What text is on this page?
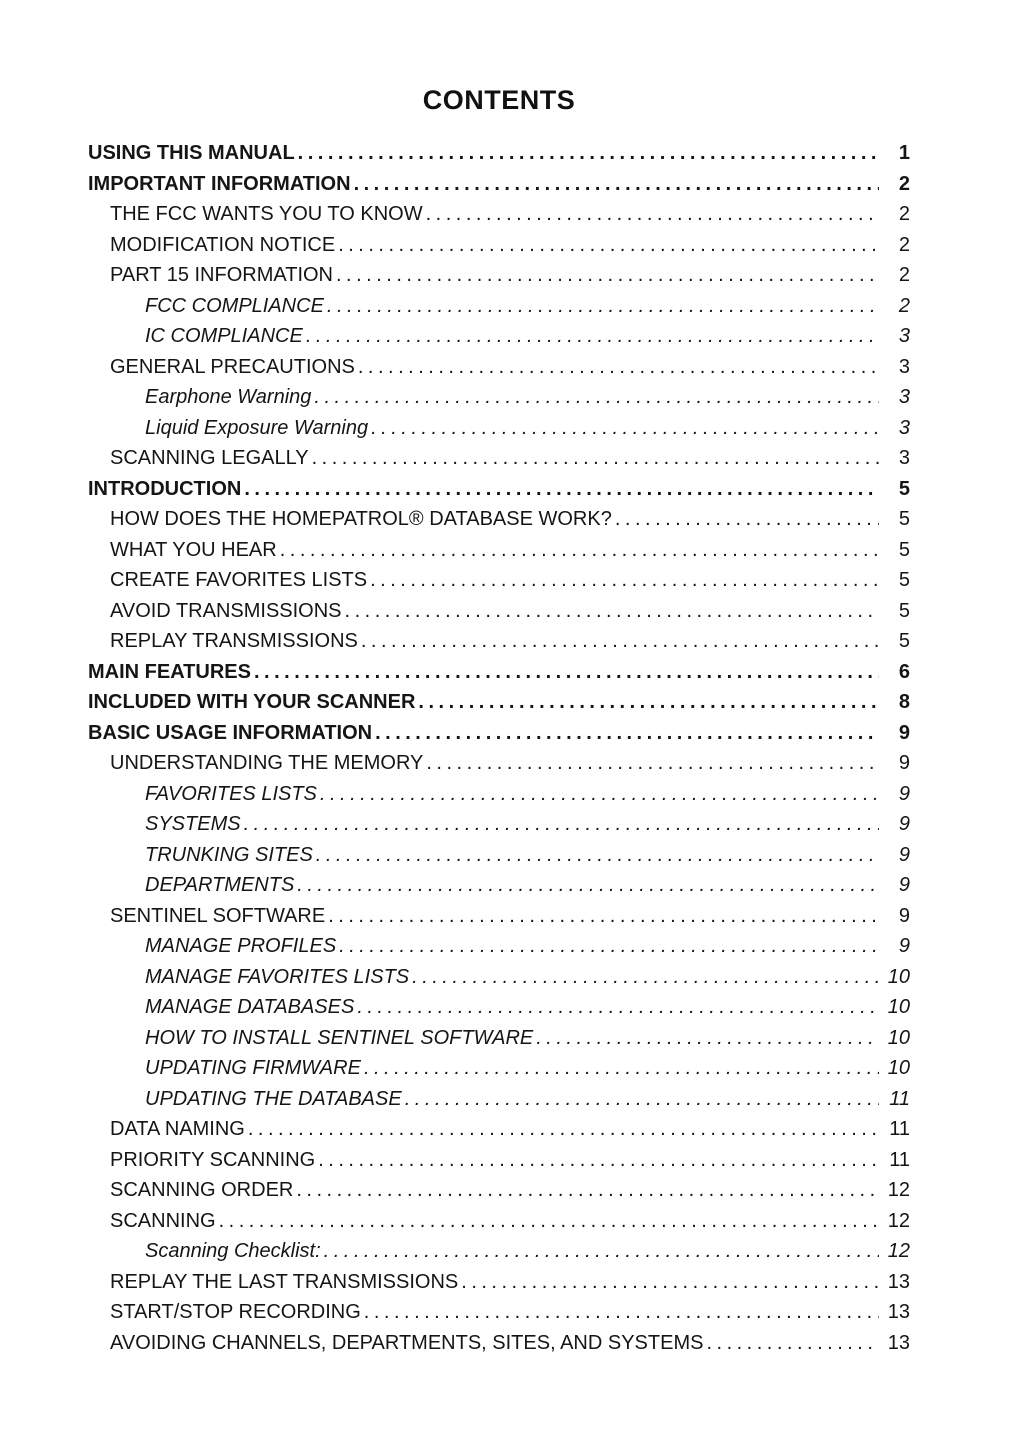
CONTENTS
USING THIS MANUAL .....	1
IMPORTANT INFORMATION .....	2
THE FCC WANTS YOU TO KNOW .....	2
MODIFICATION NOTICE .....	2
PART 15 INFORMATION .....	2
FCC COMPLIANCE .....	2
IC COMPLIANCE .....	3
GENERAL PRECAUTIONS .....	3
Earphone Warning .....	3
Liquid Exposure Warning .....	3
SCANNING LEGALLY .....	3
INTRODUCTION .....	5
HOW DOES THE HOMEPATROL® DATABASE WORK? .....	5
WHAT YOU HEAR .....	5
CREATE FAVORITES LISTS .....	5
AVOID TRANSMISSIONS .....	5
REPLAY TRANSMISSIONS .....	5
MAIN FEATURES .....	6
INCLUDED WITH YOUR SCANNER .....	8
BASIC USAGE INFORMATION .....	9
UNDERSTANDING THE MEMORY .....	9
FAVORITES LISTS .....	9
SYSTEMS .....	9
TRUNKING SITES .....	9
DEPARTMENTS .....	9
SENTINEL SOFTWARE .....	9
MANAGE PROFILES .....	9
MANAGE FAVORITES LISTS .....	10
MANAGE DATABASES .....	10
HOW TO INSTALL SENTINEL SOFTWARE .....	10
UPDATING FIRMWARE .....	10
UPDATING THE DATABASE .....	11
DATA NAMING .....	11
PRIORITY SCANNING .....	11
SCANNING ORDER .....	12
SCANNING .....	12
Scanning Checklist: .....	12
REPLAY THE LAST TRANSMISSIONS .....	13
START/STOP RECORDING .....	13
AVOIDING CHANNELS, DEPARTMENTS, SITES, AND SYSTEMS .....	13
